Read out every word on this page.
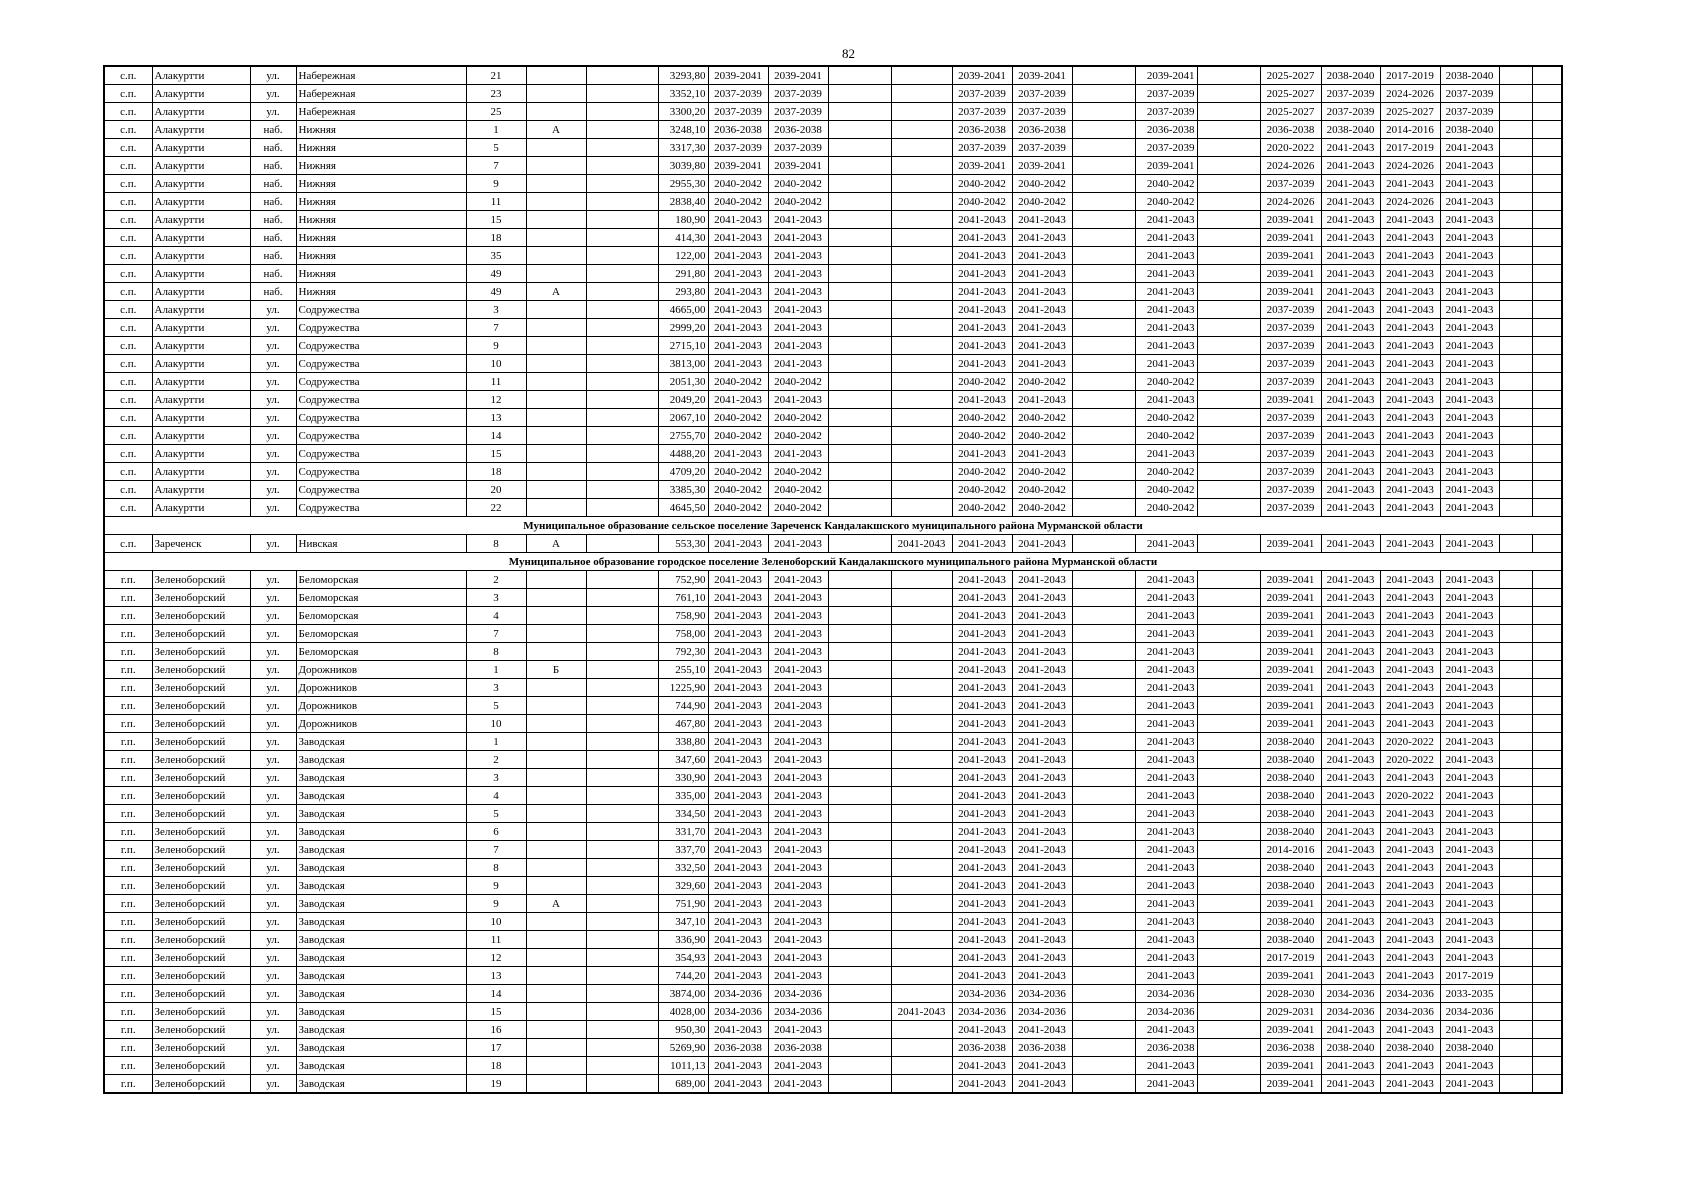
82
с.п.	Алакуртти	ул.	Набережная	21			3293,80	2039-2041	2039-2041			2039-2041	2039-2041		2039-2041		2025-2027	2038-2040	2017-2019	2038-2040		
с.п.	Алакуртти	ул.	Набережная	23			3352,10	2037-2039	2037-2039			2037-2039	2037-2039		2037-2039		2025-2027	2037-2039	2024-2026	2037-2039		
с.п.	Алакуртти	ул.	Набережная	25			3300,20	2037-2039	2037-2039			2037-2039	2037-2039		2037-2039		2025-2027	2037-2039	2025-2027	2037-2039		
с.п.	Алакуртти	наб.	Нижняя	1	А		3248,10	2036-2038	2036-2038			2036-2038	2036-2038		2036-2038		2036-2038	2038-2040	2014-2016	2038-2040		
с.п.	Алакуртти	наб.	Нижняя	5			3317,30	2037-2039	2037-2039			2037-2039	2037-2039		2037-2039		2020-2022	2041-2043	2017-2019	2041-2043		
с.п.	Алакуртти	наб.	Нижняя	7			3039,80	2039-2041	2039-2041			2039-2041	2039-2041		2039-2041		2024-2026	2041-2043	2024-2026	2041-2043		
с.п.	Алакуртти	наб.	Нижняя	9			2955,30	2040-2042	2040-2042			2040-2042	2040-2042		2040-2042		2037-2039	2041-2043	2041-2043	2041-2043		
с.п.	Алакуртти	наб.	Нижняя	11			2838,40	2040-2042	2040-2042			2040-2042	2040-2042		2040-2042		2024-2026	2041-2043	2024-2026	2041-2043		
с.п.	Алакуртти	наб.	Нижняя	15			180,90	2041-2043	2041-2043			2041-2043	2041-2043		2041-2043		2039-2041	2041-2043	2041-2043	2041-2043		
с.п.	Алакуртти	наб.	Нижняя	18			414,30	2041-2043	2041-2043			2041-2043	2041-2043		2041-2043		2039-2041	2041-2043	2041-2043	2041-2043		
с.п.	Алакуртти	наб.	Нижняя	35			122,00	2041-2043	2041-2043			2041-2043	2041-2043		2041-2043		2039-2041	2041-2043	2041-2043	2041-2043		
с.п.	Алакуртти	наб.	Нижняя	49			291,80	2041-2043	2041-2043			2041-2043	2041-2043		2041-2043		2039-2041	2041-2043	2041-2043	2041-2043		
с.п.	Алакуртти	наб.	Нижняя	49	А		293,80	2041-2043	2041-2043			2041-2043	2041-2043		2041-2043		2039-2041	2041-2043	2041-2043	2041-2043		
с.п.	Алакуртти	ул.	Содружества	3			4665,00	2041-2043	2041-2043			2041-2043	2041-2043		2041-2043		2037-2039	2041-2043	2041-2043	2041-2043		
с.п.	Алакуртти	ул.	Содружества	7			2999,20	2041-2043	2041-2043			2041-2043	2041-2043		2041-2043		2037-2039	2041-2043	2041-2043	2041-2043		
с.п.	Алакуртти	ул.	Содружества	9			2715,10	2041-2043	2041-2043			2041-2043	2041-2043		2041-2043		2037-2039	2041-2043	2041-2043	2041-2043		
с.п.	Алакуртти	ул.	Содружества	10			3813,00	2041-2043	2041-2043			2041-2043	2041-2043		2041-2043		2037-2039	2041-2043	2041-2043	2041-2043		
с.п.	Алакуртти	ул.	Содружества	11			2051,30	2040-2042	2040-2042			2040-2042	2040-2042		2040-2042		2037-2039	2041-2043	2041-2043	2041-2043		
с.п.	Алакуртти	ул.	Содружества	12			2049,20	2041-2043	2041-2043			2041-2043	2041-2043		2041-2043		2039-2041	2041-2043	2041-2043	2041-2043		
с.п.	Алакуртти	ул.	Содружества	13			2067,10	2040-2042	2040-2042			2040-2042	2040-2042		2040-2042		2037-2039	2041-2043	2041-2043	2041-2043		
с.п.	Алакуртти	ул.	Содружества	14			2755,70	2040-2042	2040-2042			2040-2042	2040-2042		2040-2042		2037-2039	2041-2043	2041-2043	2041-2043		
с.п.	Алакуртти	ул.	Содружества	15			4488,20	2041-2043	2041-2043			2041-2043	2041-2043		2041-2043		2037-2039	2041-2043	2041-2043	2041-2043		
с.п.	Алакуртти	ул.	Содружества	18			4709,20	2040-2042	2040-2042			2040-2042	2040-2042		2040-2042		2037-2039	2041-2043	2041-2043	2041-2043		
с.п.	Алакуртти	ул.	Содружества	20			3385,30	2040-2042	2040-2042			2040-2042	2040-2042		2040-2042		2037-2039	2041-2043	2041-2043	2041-2043		
с.п.	Алакуртти	ул.	Содружества	22			4645,50	2040-2042	2040-2042			2040-2042	2040-2042		2040-2042		2037-2039	2041-2043	2041-2043	2041-2043		
Муниципальное образование сельское поселение Зареченск Кандалакшского муниципального района Мурманской области																						
с.п.	Зареченск	ул.	Нивская	8	А		553,30	2041-2043	2041-2043		2041-2043	2041-2043	2041-2043		2041-2043		2039-2041	2041-2043	2041-2043	2041-2043		
Муниципальное образование городское поселение Зеленоборский Кандалакшского муниципального района Мурманской области																						
г.п.	Зеленоборский	ул.	Беломорская	2			752,90	2041-2043	2041-2043			2041-2043	2041-2043		2041-2043		2039-2041	2041-2043	2041-2043	2041-2043		
г.п.	Зеленоборский	ул.	Беломорская	3			761,10	2041-2043	2041-2043			2041-2043	2041-2043		2041-2043		2039-2041	2041-2043	2041-2043	2041-2043		
г.п.	Зеленоборский	ул.	Беломорская	4			758,90	2041-2043	2041-2043			2041-2043	2041-2043		2041-2043		2039-2041	2041-2043	2041-2043	2041-2043		
г.п.	Зеленоборский	ул.	Беломорская	7			758,00	2041-2043	2041-2043			2041-2043	2041-2043		2041-2043		2039-2041	2041-2043	2041-2043	2041-2043		
г.п.	Зеленоборский	ул.	Беломорская	8			792,30	2041-2043	2041-2043			2041-2043	2041-2043		2041-2043		2039-2041	2041-2043	2041-2043	2041-2043		
г.п.	Зеленоборский	ул.	Дорожников	1	Б		255,10	2041-2043	2041-2043			2041-2043	2041-2043		2041-2043		2039-2041	2041-2043	2041-2043	2041-2043		
г.п.	Зеленоборский	ул.	Дорожников	3			1225,90	2041-2043	2041-2043			2041-2043	2041-2043		2041-2043		2039-2041	2041-2043	2041-2043	2041-2043		
г.п.	Зеленоборский	ул.	Дорожников	5			744,90	2041-2043	2041-2043			2041-2043	2041-2043		2041-2043		2039-2041	2041-2043	2041-2043	2041-2043		
г.п.	Зеленоборский	ул.	Дорожников	10			467,80	2041-2043	2041-2043			2041-2043	2041-2043		2041-2043		2039-2041	2041-2043	2041-2043	2041-2043		
г.п.	Зеленоборский	ул.	Заводская	1			338,80	2041-2043	2041-2043			2041-2043	2041-2043		2041-2043		2038-2040	2041-2043	2020-2022	2041-2043		
г.п.	Зеленоборский	ул.	Заводская	2			347,60	2041-2043	2041-2043			2041-2043	2041-2043		2041-2043		2038-2040	2041-2043	2020-2022	2041-2043		
г.п.	Зеленоборский	ул.	Заводская	3			330,90	2041-2043	2041-2043			2041-2043	2041-2043		2041-2043		2038-2040	2041-2043	2041-2043	2041-2043		
г.п.	Зеленоборский	ул.	Заводская	4			335,00	2041-2043	2041-2043			2041-2043	2041-2043		2041-2043		2038-2040	2041-2043	2020-2022	2041-2043		
г.п.	Зеленоборский	ул.	Заводская	5			334,50	2041-2043	2041-2043			2041-2043	2041-2043		2041-2043		2038-2040	2041-2043	2041-2043	2041-2043		
г.п.	Зеленоборский	ул.	Заводская	6			331,70	2041-2043	2041-2043			2041-2043	2041-2043		2041-2043		2038-2040	2041-2043	2041-2043	2041-2043		
г.п.	Зеленоборский	ул.	Заводская	7			337,70	2041-2043	2041-2043			2041-2043	2041-2043		2041-2043		2014-2016	2041-2043	2041-2043	2041-2043		
г.п.	Зеленоборский	ул.	Заводская	8			332,50	2041-2043	2041-2043			2041-2043	2041-2043		2041-2043		2038-2040	2041-2043	2041-2043	2041-2043		
г.п.	Зеленоборский	ул.	Заводская	9			329,60	2041-2043	2041-2043			2041-2043	2041-2043		2041-2043		2038-2040	2041-2043	2041-2043	2041-2043		
г.п.	Зеленоборский	ул.	Заводская	9	А		751,90	2041-2043	2041-2043			2041-2043	2041-2043		2041-2043		2039-2041	2041-2043	2041-2043	2041-2043		
г.п.	Зеленоборский	ул.	Заводская	10			347,10	2041-2043	2041-2043			2041-2043	2041-2043		2041-2043		2038-2040	2041-2043	2041-2043	2041-2043		
г.п.	Зеленоборский	ул.	Заводская	11			336,90	2041-2043	2041-2043			2041-2043	2041-2043		2041-2043		2038-2040	2041-2043	2041-2043	2041-2043		
г.п.	Зеленоборский	ул.	Заводская	12			354,93	2041-2043	2041-2043			2041-2043	2041-2043		2041-2043		2017-2019	2041-2043	2041-2043	2041-2043		
г.п.	Зеленоборский	ул.	Заводская	13			744,20	2041-2043	2041-2043			2041-2043	2041-2043		2041-2043		2039-2041	2041-2043	2041-2043	2017-2019		
г.п.	Зеленоборский	ул.	Заводская	14			3874,00	2034-2036	2034-2036			2034-2036	2034-2036		2034-2036		2028-2030	2034-2036	2034-2036	2033-2035		
г.п.	Зеленоборский	ул.	Заводская	15			4028,00	2034-2036	2034-2036		2041-2043	2034-2036	2034-2036		2034-2036		2029-2031	2034-2036	2034-2036	2034-2036		
г.п.	Зеленоборский	ул.	Заводская	16			950,30	2041-2043	2041-2043			2041-2043	2041-2043		2041-2043		2039-2041	2041-2043	2041-2043	2041-2043		
г.п.	Зеленоборский	ул.	Заводская	17			5269,90	2036-2038	2036-2038			2036-2038	2036-2038		2036-2038		2036-2038	2038-2040	2038-2040	2038-2040		
г.п.	Зеленоборский	ул.	Заводская	18			1011,13	2041-2043	2041-2043			2041-2043	2041-2043		2041-2043		2039-2041	2041-2043	2041-2043	2041-2043		
г.п.	Зеленоборский	ул.	Заводская	19			689,00	2041-2043	2041-2043			2041-2043	2041-2043		2041-2043		2039-2041	2041-2043	2041-2043	2041-2043		
